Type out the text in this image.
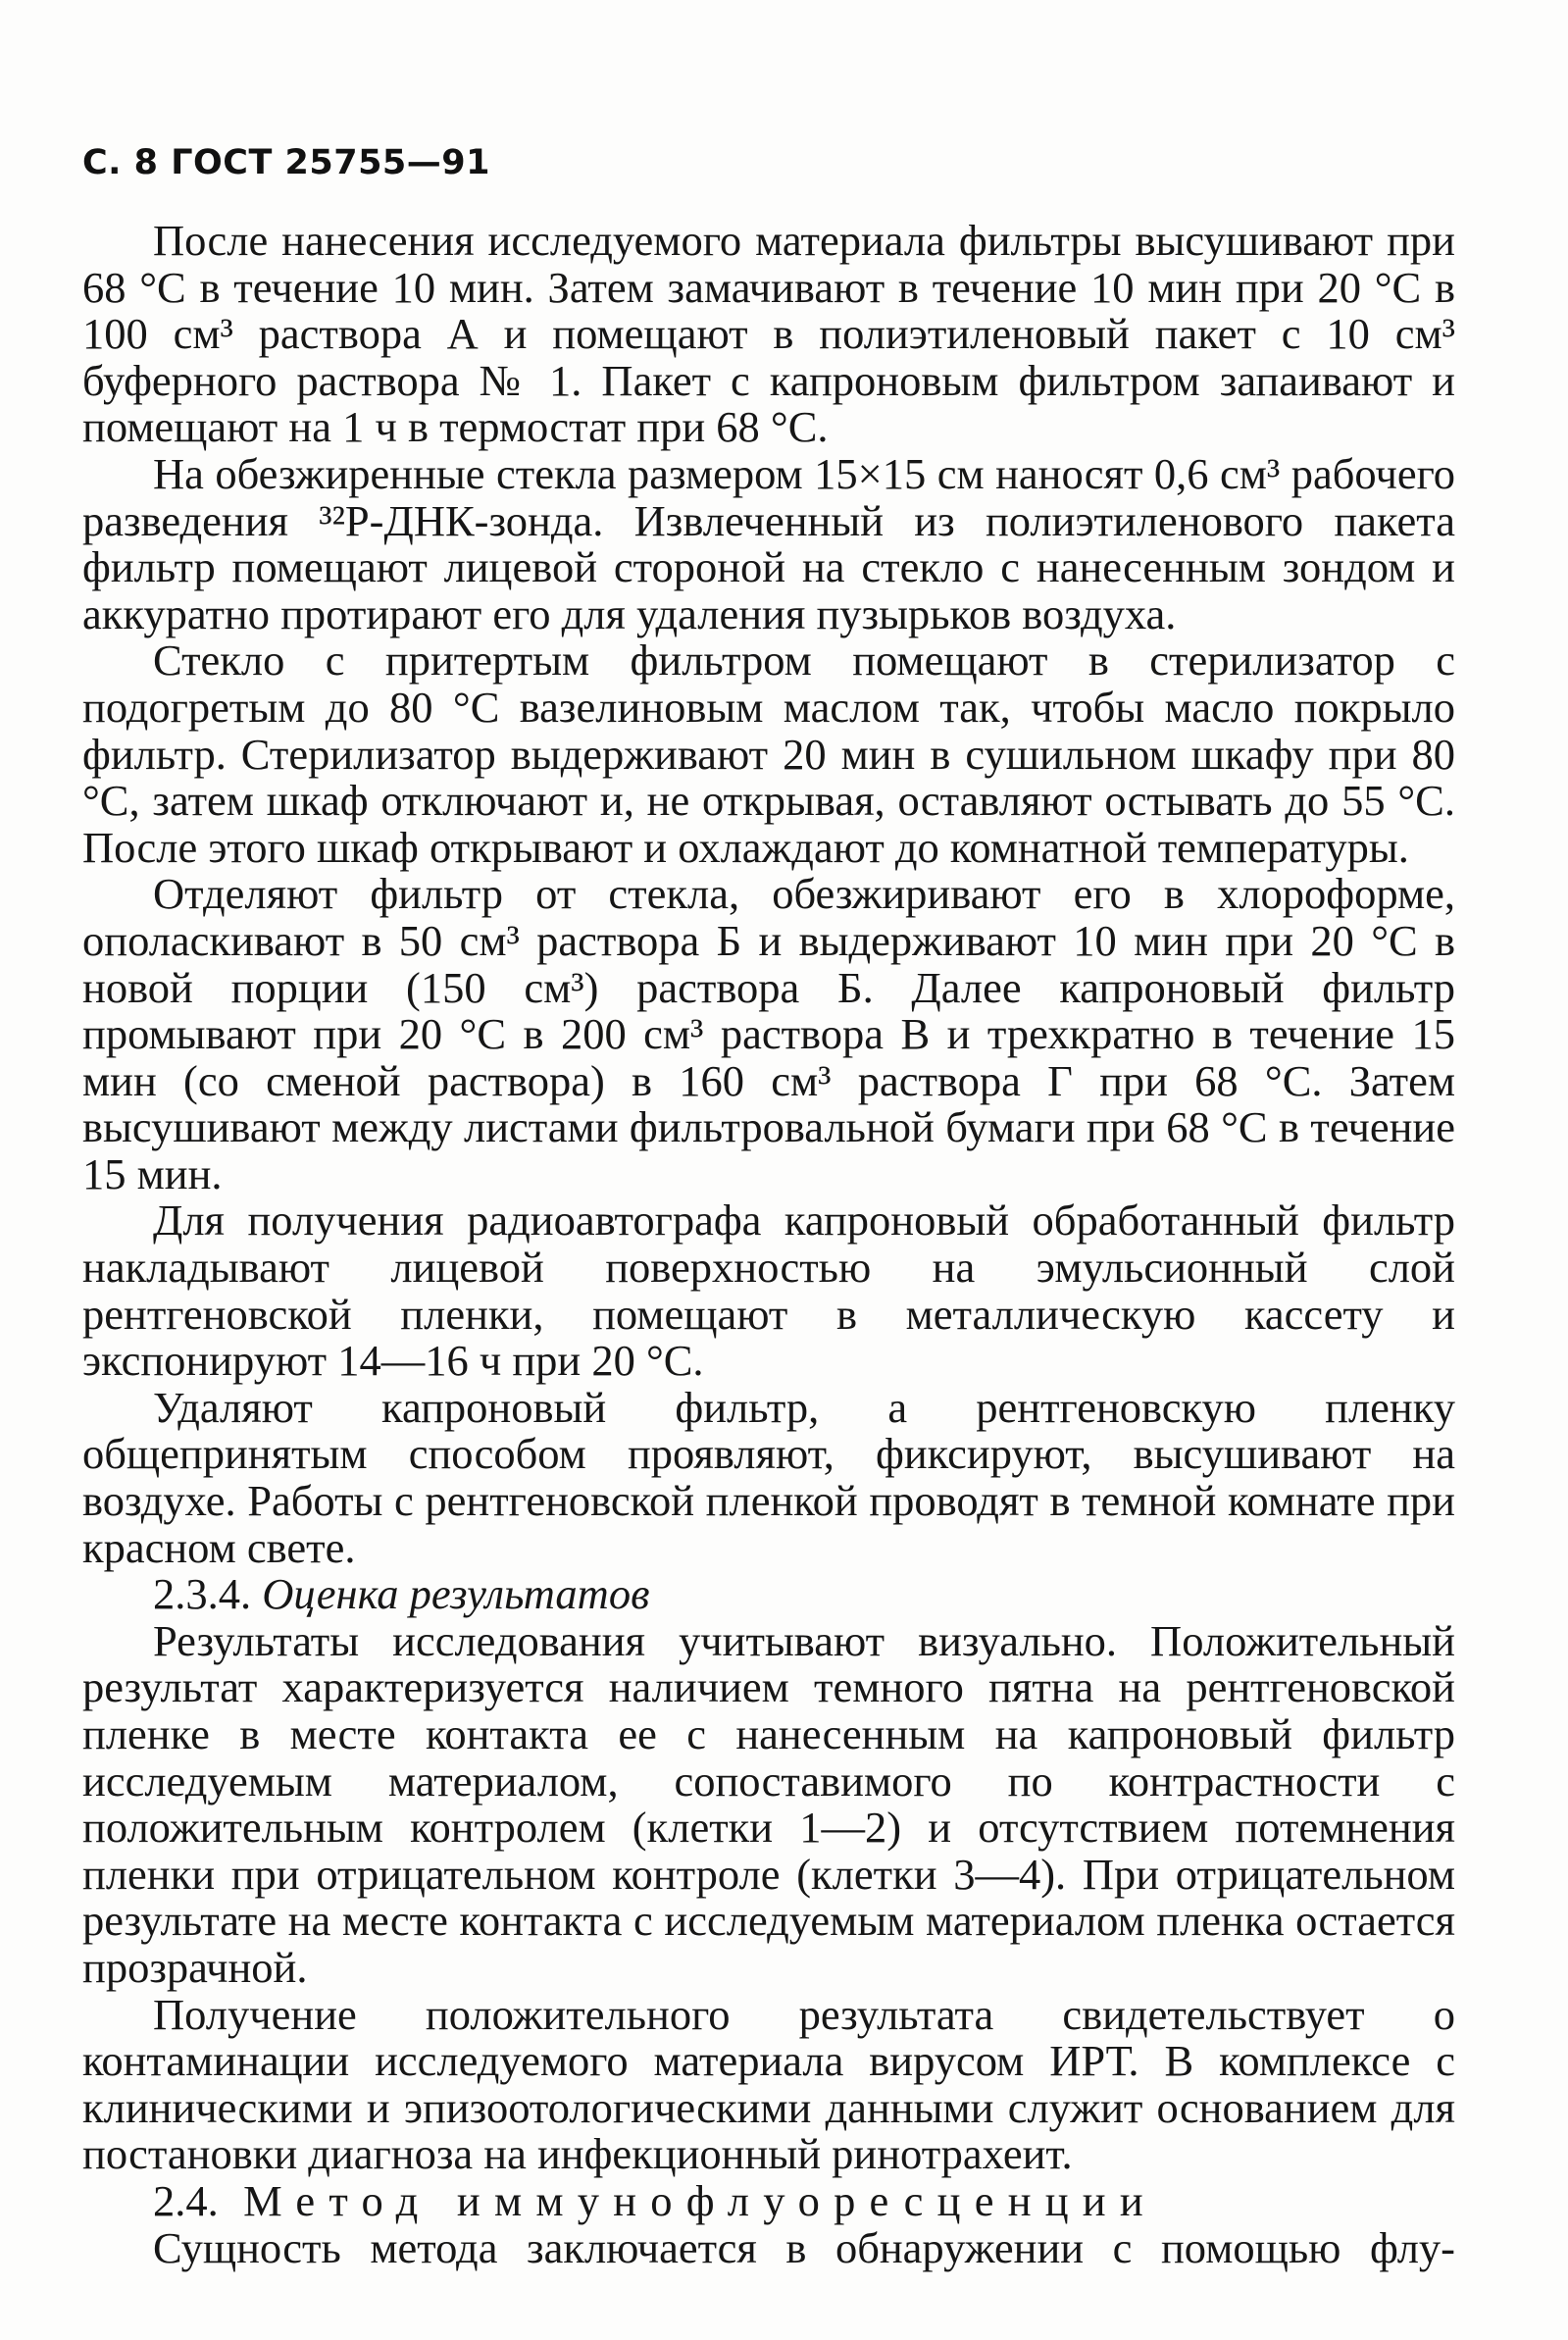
С. 8 ГОСТ 25755—91

После нанесения исследуемого материала фильтры высушивают при 68 °С в течение 10 мин. Затем замачивают в течение 10 мин при 20 °С в 100 см³ раствора А и помещают в полиэтиленовый пакет с 10 см³ буферного раствора № 1. Пакет с капроновым фильтром запаивают и помещают на 1 ч в термостат при 68 °С.

На обезжиренные стекла размером 15×15 см наносят 0,6 см³ рабочего разведения ³²Р-ДНК-зонда. Извлеченный из полиэтиленового пакета фильтр помещают лицевой стороной на стекло с нанесенным зондом и аккуратно протирают его для удаления пузырьков воздуха.

Стекло с притертым фильтром помещают в стерилизатор с подогретым до 80 °С вазелиновым маслом так, чтобы масло покрыло фильтр. Стерилизатор выдерживают 20 мин в сушильном шкафу при 80 °С, затем шкаф отключают и, не открывая, оставляют остывать до 55 °С. После этого шкаф открывают и охлаждают до комнатной температуры.

Отделяют фильтр от стекла, обезжиривают его в хлороформе, ополаскивают в 50 см³ раствора Б и выдерживают 10 мин при 20 °С в новой порции (150 см³) раствора Б. Далее капроновый фильтр промывают при 20 °С в 200 см³ раствора В и трехкратно в течение 15 мин (со сменой раствора) в 160 см³ раствора Г при 68 °С. Затем высушивают между листами фильтровальной бумаги при 68 °С в течение 15 мин.

Для получения радиоавтографа капроновый обработанный фильтр накладывают лицевой поверхностью на эмульсионный слой рентгеновской пленки, помещают в металлическую кассету и экспонируют 14—16 ч при 20 °С.

Удаляют капроновый фильтр, а рентгеновскую пленку общепринятым способом проявляют, фиксируют, высушивают на воздухе. Работы с рентгеновской пленкой проводят в темной комнате при красном свете.

2.3.4. Оценка результатов

Результаты исследования учитывают визуально. Положительный результат характеризуется наличием темного пятна на рентгеновской пленке в месте контакта ее с нанесенным на капроновый фильтр исследуемым материалом, сопоставимого по контрастности с положительным контролем (клетки 1—2) и отсутствием потемнения пленки при отрицательном контроле (клетки 3—4). При отрицательном результате на месте контакта с исследуемым материалом пленка остается прозрачной.

Получение положительного результата свидетельствует о контаминации исследуемого материала вирусом ИРТ. В комплексе с клиническими и эпизоотологическими данными служит основанием для постановки диагноза на инфекционный ринотрахеит.

2.4. Метод иммунофлуоресценции

Сущность метода заключается в обнаружении с помощью флу-
